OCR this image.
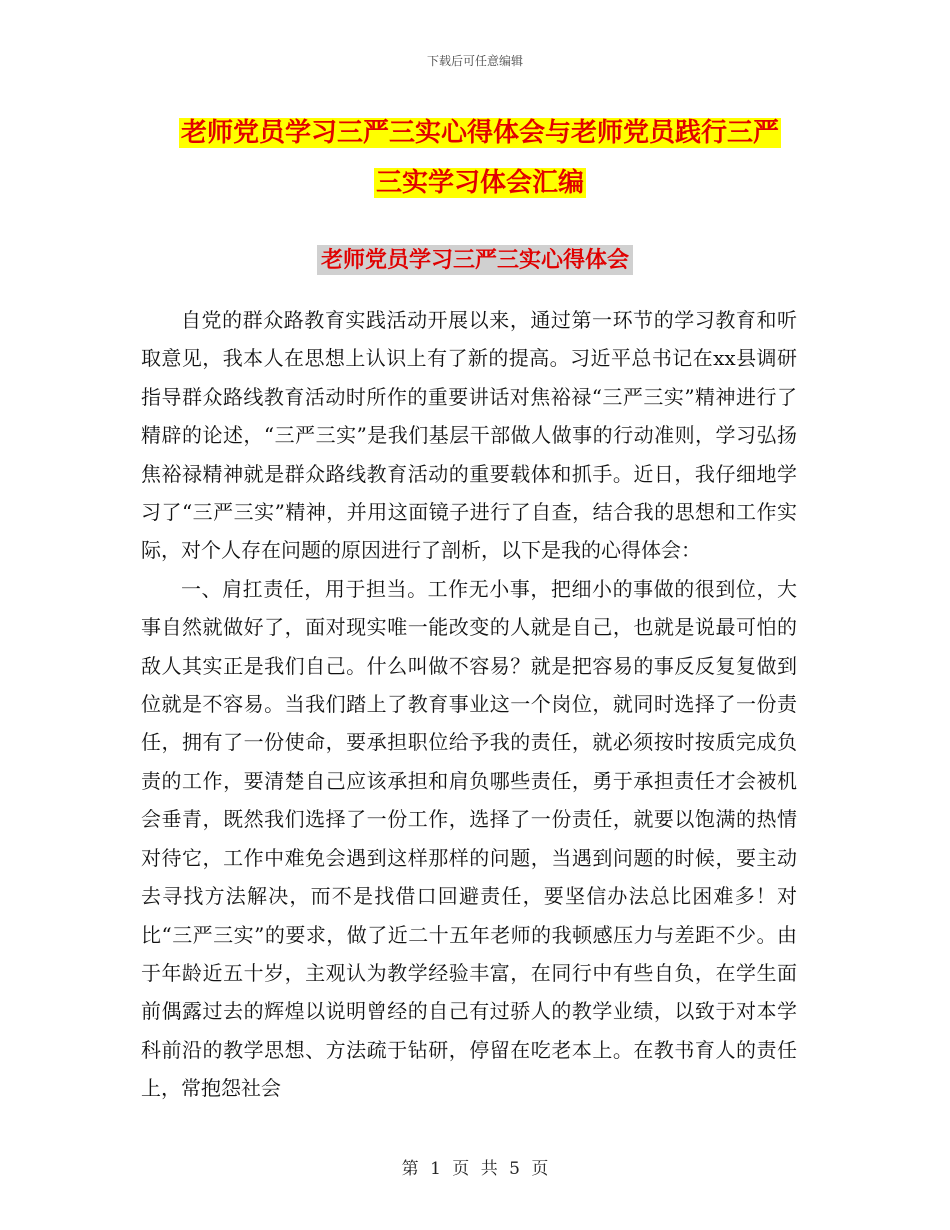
下载后可任意编辑
老师党员学习三严三实心得体会与老师党员践行三严
三实学习体会汇编
老师党员学习三严三实心得体会

自党的群众路教育实践活动开展以来，通过第一环节的学习教育和听取意见，我本人在思想上认识上有了新的提高。习近平总书记在xx县调研指导群众路线教育活动时所作的重要讲话对焦裕禄“三严三实”精神进行了精辟的论述，“三严三实”是我们基层干部做人做事的行动准则，学习弘扬焦裕禄精神就是群众路线教育活动的重要载体和抓手。近日，我仔细地学习了“三严三实”精神，并用这面镜子进行了自查，结合我的思想和工作实际，对个人存在问题的原因进行了剖析，以下是我的心得体会：

一、肩扛责任，用于担当。工作无小事，把细小的事做的很到位，大事自然就做好了，面对现实唯一能改变的人就是自己，也就是说最可怕的敌人其实正是我们自己。什么叫做不容易？就是把容易的事反反复复做到位就是不容易。当我们踏上了教育事业这一个岗位，就同时选择了一份责任，拥有了一份使命，要承担职位给予我的责任，就必须按时按质完成负责的工作，要清楚自己应该承担和肩负哪些责任，勇于承担责任才会被机会垂青，既然我们选择了一份工作，选择了一份责任，就要以饱满的热情对待它，工作中难免会遇到这样那样的问题，当遇到问题的时候，要主动去寻找方法解决，而不是找借口回避责任，要坚信办法总比困难多！对比“三严三实”的要求，做了近二十五年老师的我顿感压力与差距不少。由于年龄近五十岁，主观认为教学经验丰富，在同行中有些自负，在学生面前偶露过去的辉煌以说明曾经的自己有过骄人的教学业绩，以致于对本学科前沿的教学思想、方法疏于钻研，停留在吃老本上。在教书育人的责任上，常抱怨社会

第 1 页 共 5 页
